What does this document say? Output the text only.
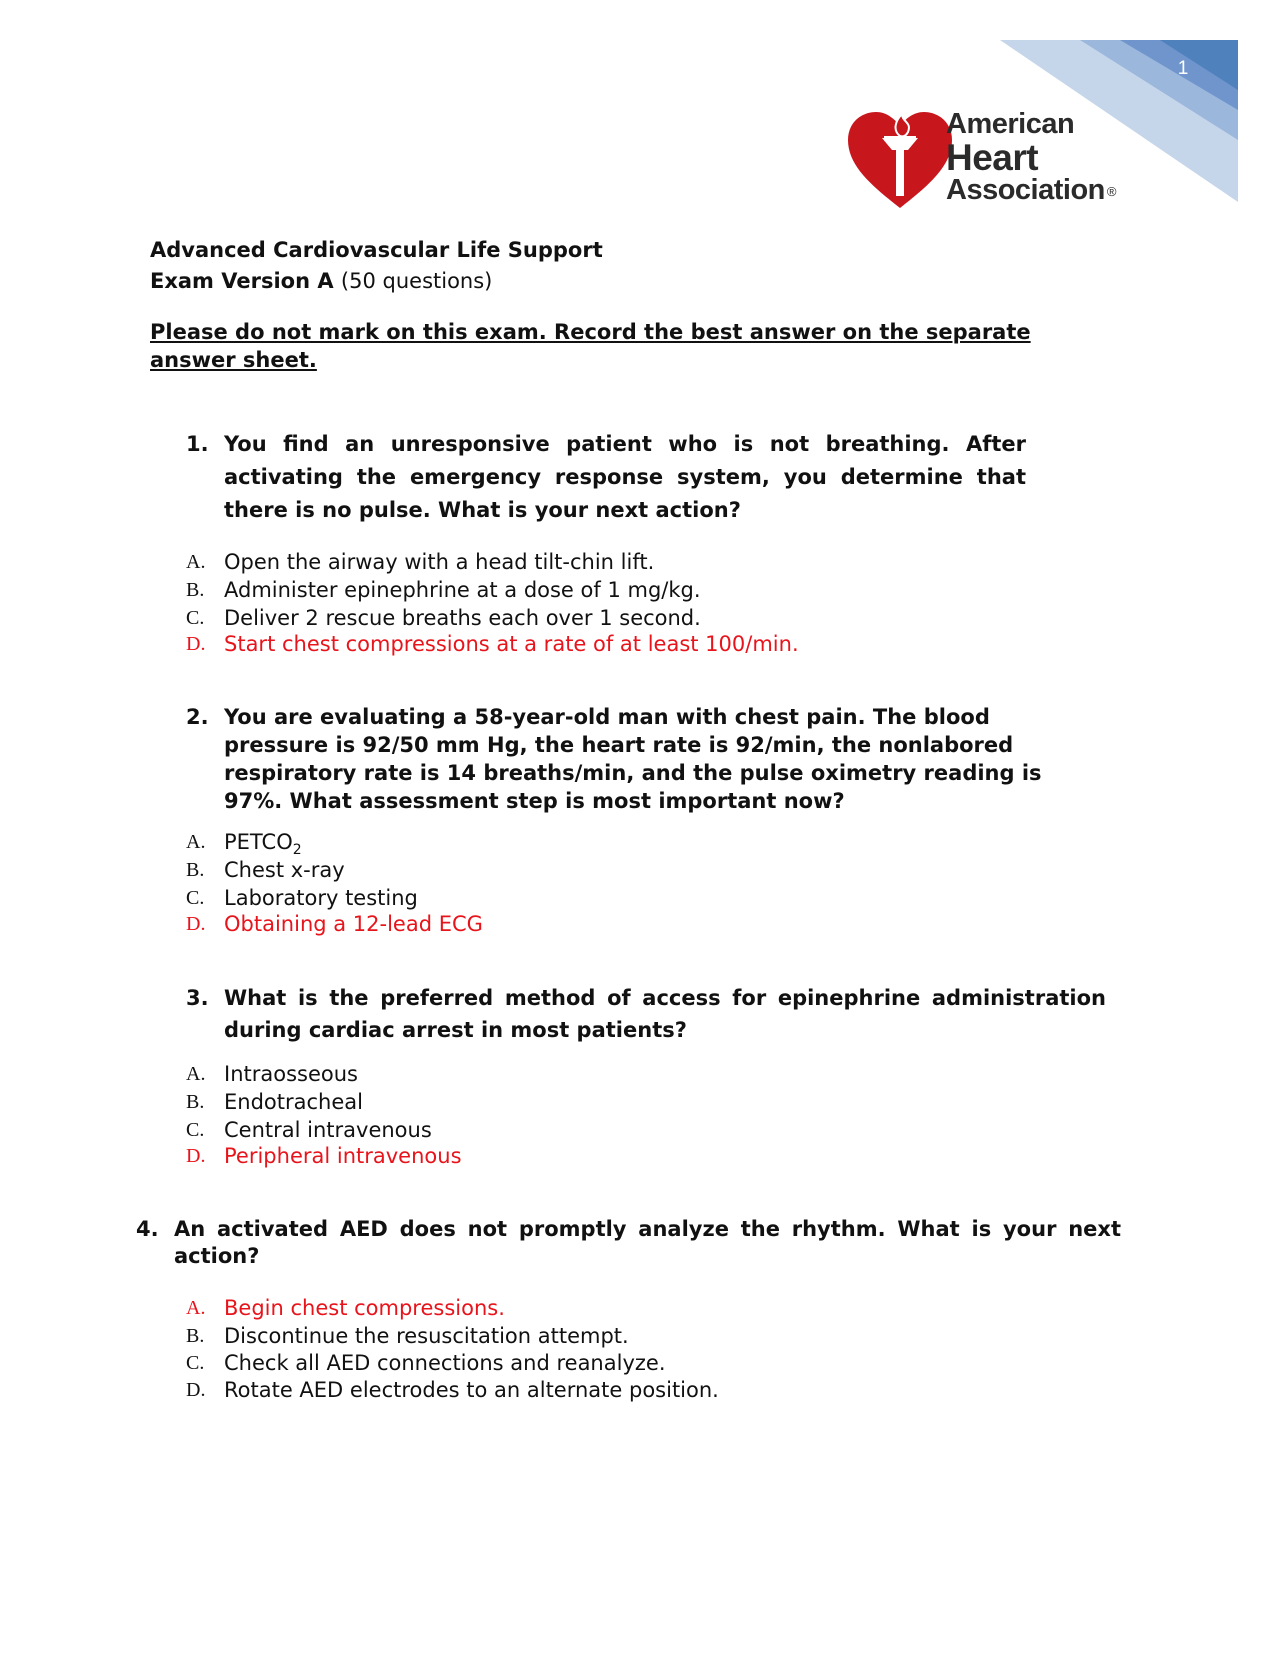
1
American
Heart
Association ®
Advanced Cardiovascular Life Support
Exam Version A (50 questions)
Please do not mark on this exam. Record the best answer on the separate answer sheet.
1. You find an unresponsive patient who is not breathing. After activating the emergency response system, you determine that there is no pulse. What is your next action?
A. Open the airway with a head tilt-chin lift.
B. Administer epinephrine at a dose of 1 mg/kg.
C. Deliver 2 rescue breaths each over 1 second.
D. Start chest compressions at a rate of at least 100/min.
2. You are evaluating a 58-year-old man with chest pain. The blood pressure is 92/50 mm Hg, the heart rate is 92/min, the nonlabored respiratory rate is 14 breaths/min, and the pulse oximetry reading is 97%. What assessment step is most important now?
A. $PETCO_2$
B. Chest x-ray
C. Laboratory testing
D. Obtaining a 12-lead ECG
3. What is the preferred method of access for epinephrine administration during cardiac arrest in most patients?
A. Intraosseous
B. Endotracheal
C. Central intravenous
D. Peripheral intravenous
4. An activated AED does not promptly analyze the rhythm. What is your next action?
A. Begin chest compressions.
B. Discontinue the resuscitation attempt.
C. Check all AED connections and reanalyze.
D. Rotate AED electrodes to an alternate position.
